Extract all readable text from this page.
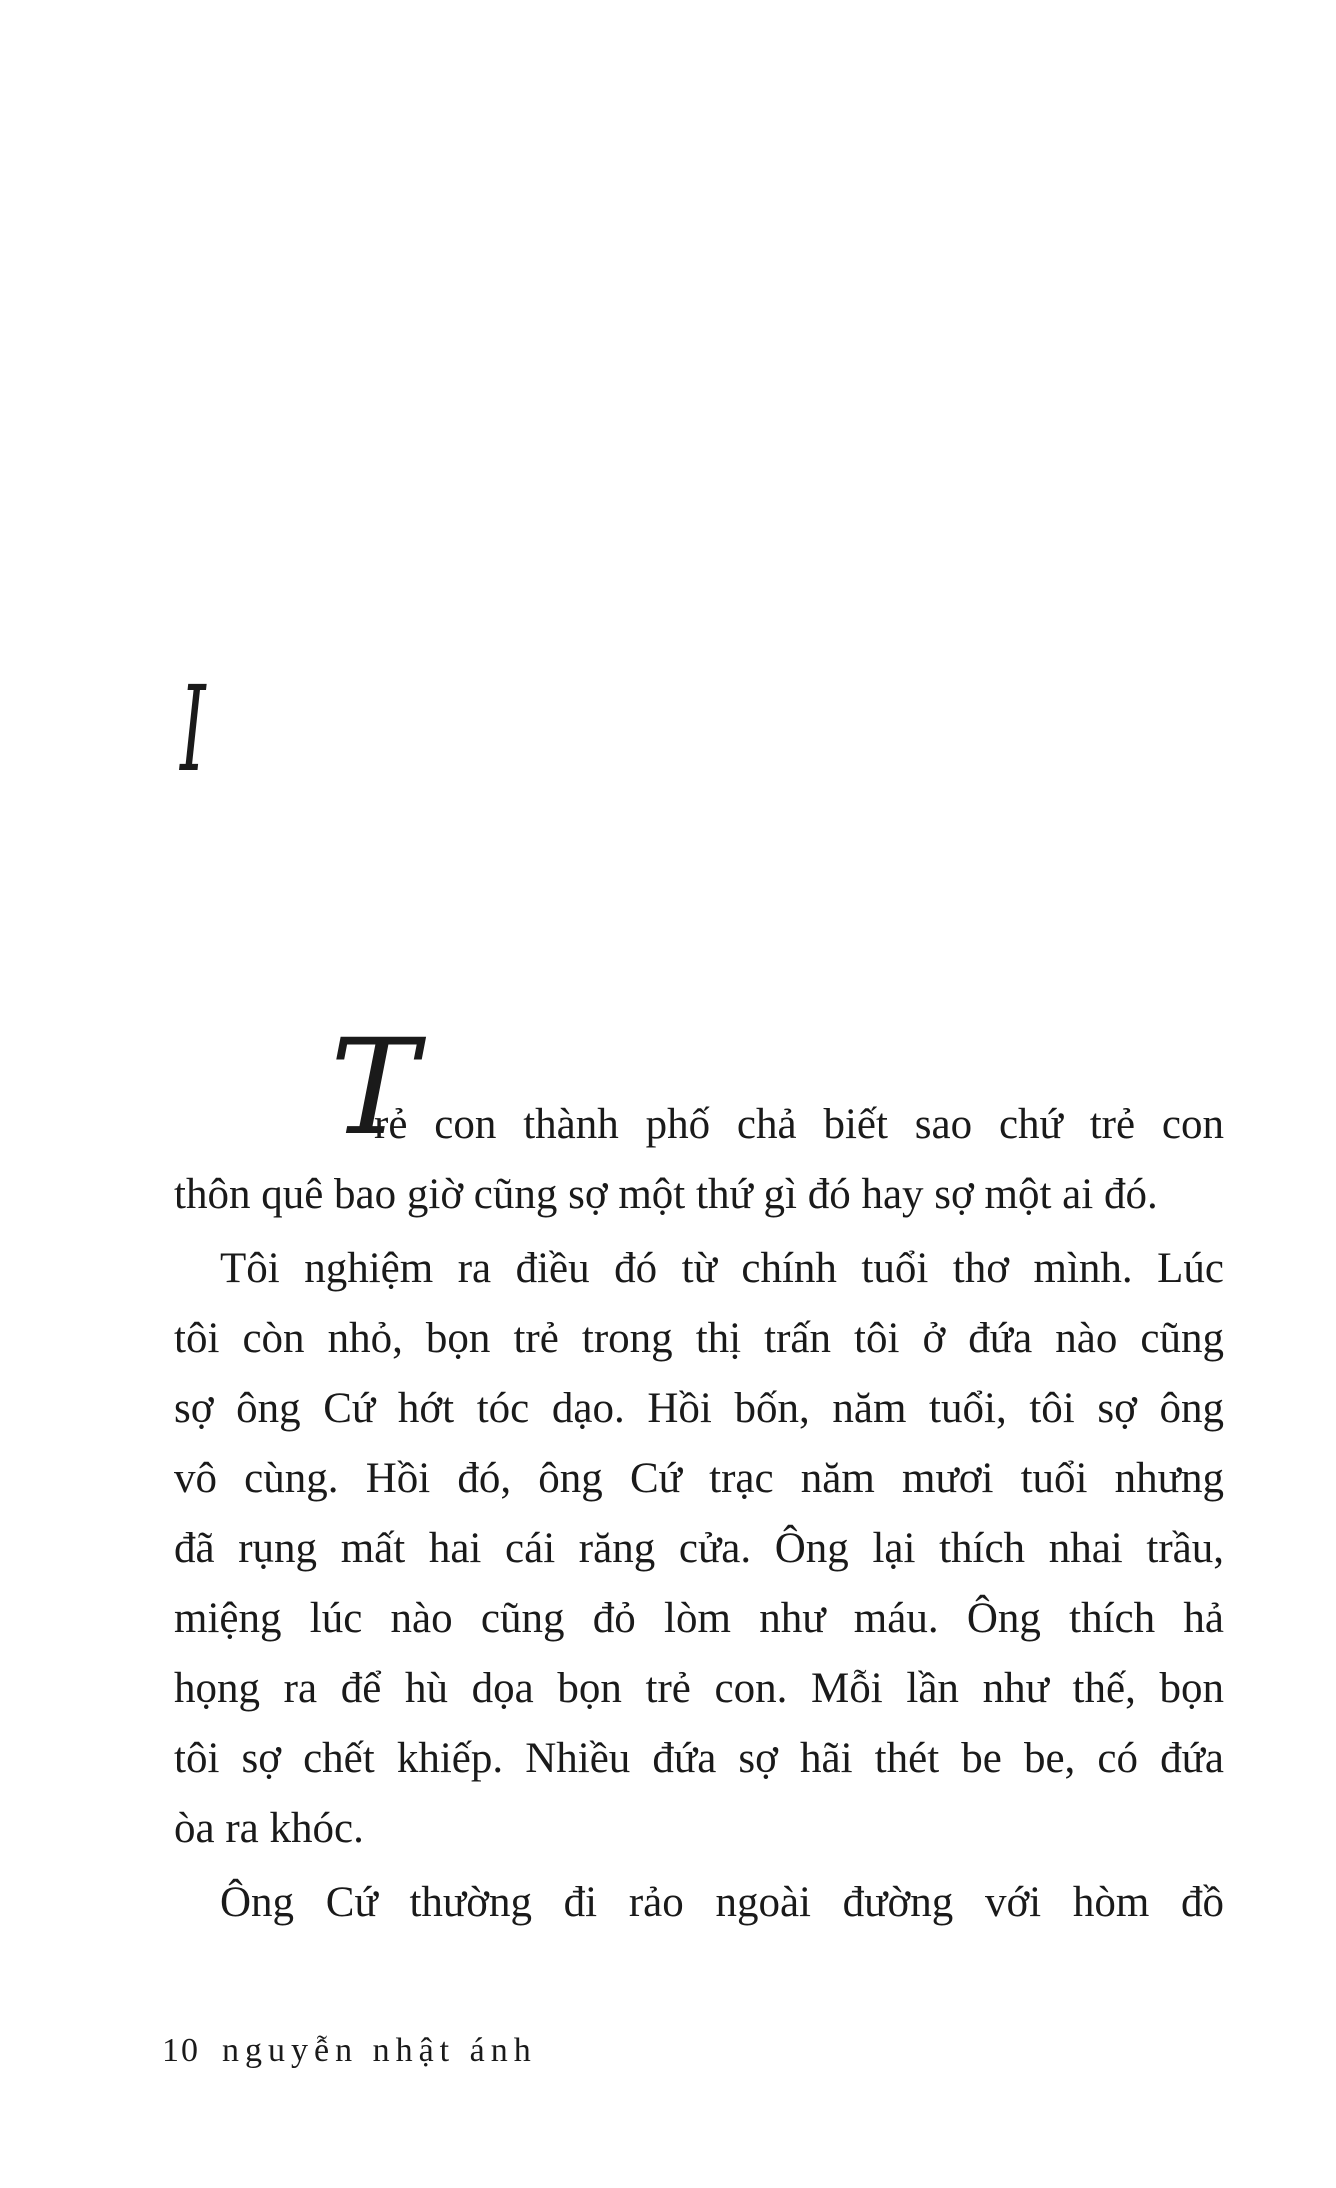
I
T
rẻ con thành phố chả biết sao chứ trẻ con
thôn quê bao giờ cũng sợ một thứ gì đó hay sợ một ai đó.
Tôi nghiệm ra điều đó từ chính tuổi thơ mình. Lúc
tôi còn nhỏ, bọn trẻ trong thị trấn tôi ở đứa nào cũng
sợ ông Cứ hớt tóc dạo. Hồi bốn, năm tuổi, tôi sợ ông
vô cùng. Hồi đó, ông Cứ trạc năm mươi tuổi nhưng
đã rụng mất hai cái răng cửa. Ông lại thích nhai trầu,
miệng lúc nào cũng đỏ lòm như máu. Ông thích hả
họng ra để hù dọa bọn trẻ con. Mỗi lần như thế, bọn
tôi sợ chết khiếp. Nhiều đứa sợ hãi thét be be, có đứa
òa ra khóc.
Ông Cứ thường đi rảo ngoài đường với hòm đồ
10 nguyễn nhật ánh
